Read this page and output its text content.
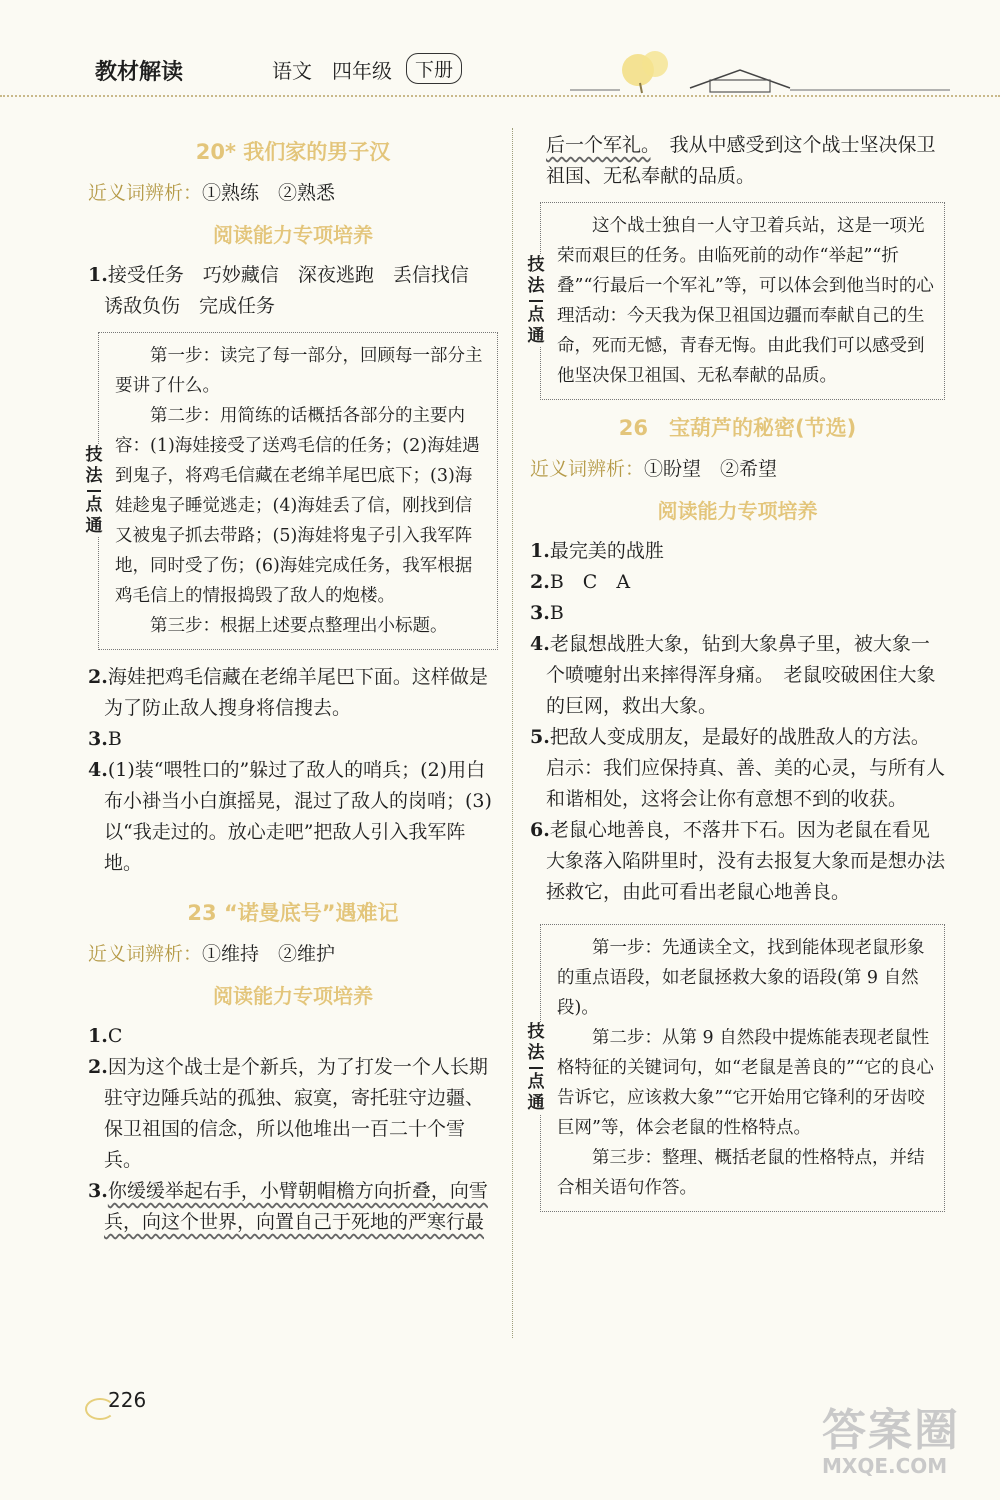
教材解读	语文 四年级	下册
20* 我们家的男子汉
近义词辨析：①熟练　②熟悉
阅读能力专项培养

1.接受任务　巧妙藏信　深夜逃跑　丢信找信　诱敌负伤　完成任务

技
法
点
通

第一步：读完了每一部分，回顾每一部分主要讲了什么。

第二步：用简练的话概括各部分的主要内容：(1)海娃接受了送鸡毛信的任务；(2)海娃遇到鬼子，将鸡毛信藏在老绵羊尾巴底下；(3)海娃趁鬼子睡觉逃走；(4)海娃丢了信，刚找到信又被鬼子抓去带路；(5)海娃将鬼子引入我军阵地，同时受了伤；(6)海娃完成任务，我军根据鸡毛信上的情报捣毁了敌人的炮楼。

第三步：根据上述要点整理出小标题。

2.海娃把鸡毛信藏在老绵羊尾巴下面。这样做是为了防止敌人搜身将信搜去。

3.B

4.(1)装“喂牲口的”躲过了敌人的哨兵；(2)用白布小褂当小白旗摇晃，混过了敌人的岗哨；(3)以“我走过的。放心走吧”把敌人引入我军阵地。

23 “诺曼底号”遇难记
近义词辨析：①维持　②维护
阅读能力专项培养

1.C

2.因为这个战士是个新兵，为了打发一个人长期驻守边陲兵站的孤独、寂寞，寄托驻守边疆、保卫祖国的信念，所以他堆出一百二十个雪兵。

3.你缓缓举起右手，小臂朝帽檐方向折叠，向雪兵，向这个世界，向置自己于死地的严寒行最

后一个军礼。　我从中感受到这个战士坚决保卫祖国、无私奉献的品质。

技
法
点
通

这个战士独自一人守卫着兵站，这是一项光荣而艰巨的任务。由临死前的动作“举起”“折叠”“行最后一个军礼”等，可以体会到他当时的心理活动：今天我为保卫祖国边疆而奉献自己的生命，死而无憾，青春无悔。由此我们可以感受到他坚决保卫祖国、无私奉献的品质。

26　宝葫芦的秘密(节选)
近义词辨析：①盼望　②希望
阅读能力专项培养

1.最完美的战胜

2.B　C　A

3.B

4.老鼠想战胜大象，钻到大象鼻子里，被大象一个喷嚏射出来摔得浑身痛。　老鼠咬破困住大象的巨网，救出大象。

5.把敌人变成朋友，是最好的战胜敌人的方法。启示：我们应保持真、善、美的心灵，与所有人和谐相处，这将会让你有意想不到的收获。

6.老鼠心地善良，不落井下石。因为老鼠在看见大象落入陷阱里时，没有去报复大象而是想办法拯救它，由此可看出老鼠心地善良。

技
法
点
通

第一步：先通读全文，找到能体现老鼠形象的重点语段，如老鼠拯救大象的语段(第 9 自然段)。

第二步：从第 9 自然段中提炼能表现老鼠性格特征的关键词句，如“老鼠是善良的”“它的良心告诉它，应该救大象”“它开始用它锋利的牙齿咬巨网”等，体会老鼠的性格特点。

第三步：整理、概括老鼠的性格特点，并结合相关语句作答。

226
答案圈
MXQE.COM
